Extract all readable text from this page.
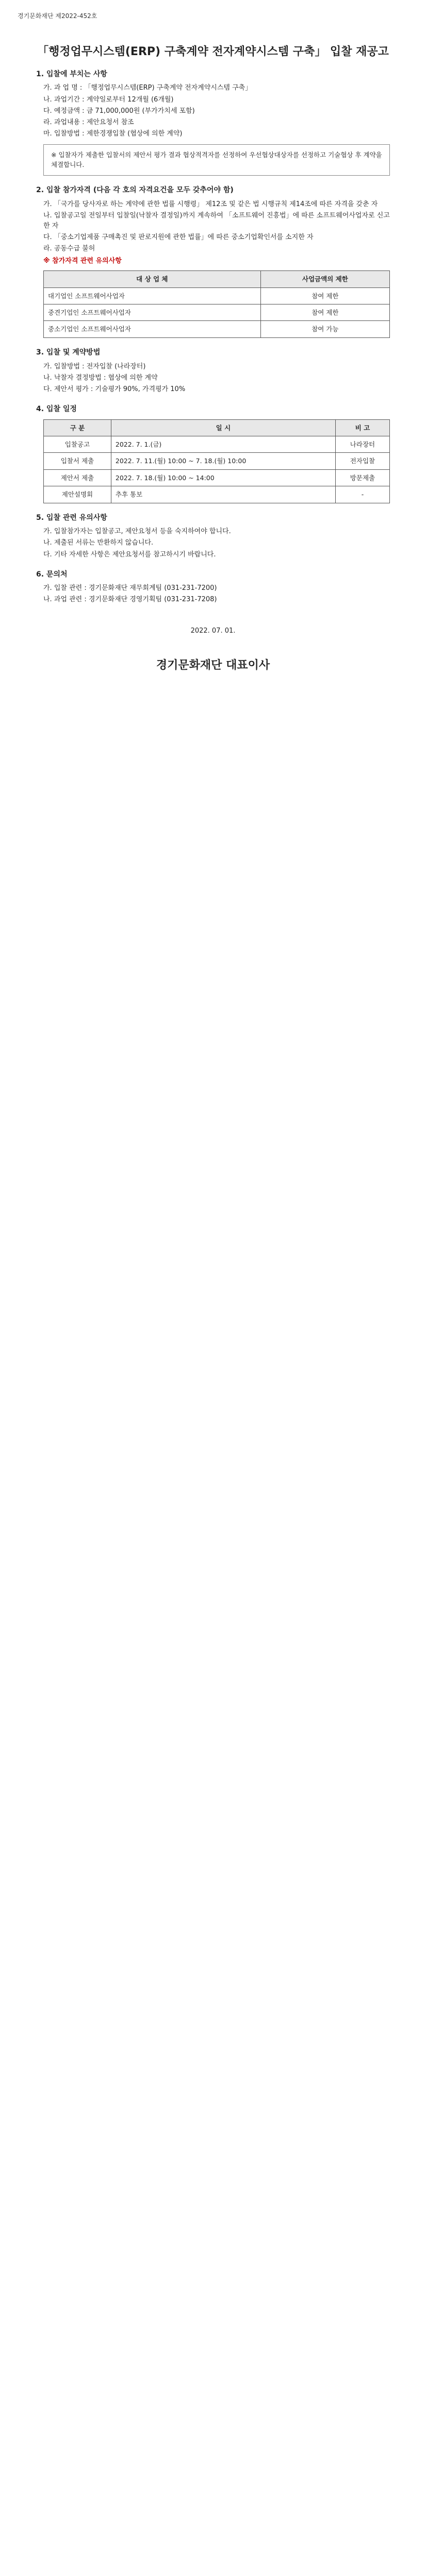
경기문화재단 제2022-452호
「행정업무시스템(ERP) 구축계약 전자계약시스템 구축」 입찰 재공고
1. 입찰에 부치는 사항
가. 과 업 명 : 「행정업무시스템(ERP) 구축계약 전자계약시스템 구축」
나. 과업기간 : 계약일로부터 12개월 (6개월)
다. 예정금액 : 금 71,000,000원 (부가가치세 포함)
라. 과업내용 : 제안요청서 참조
마. 입찰방법 : 제한경쟁입찰 (협상에 의한 계약)
※ 입찰자가 제출한 입찰서의 제안서 평가 결과 협상적격자를 선정하여 우선협상대상자를 선정하고 기술협상 후 계약을 체결합니다.
2. 입찰 참가자격 (다음 각 호의 자격요건을 모두 갖추어야 함)
가. 「국가를 당사자로 하는 계약에 관한 법률 시행령」 제12조 및 같은 법 시행규칙 제14조에 따른 자격을 갖춘 자
나. 입찰공고일 전일부터 입찰일(낙찰자 결정일)까지 계속하여 「소프트웨어 진흥법」에 따른 소프트웨어사업자로 신고한 자
다. 「중소기업제품 구매촉진 및 판로지원에 관한 법률」에 따른 중소기업확인서를 소지한 자
라. 공동수급 불허
※ 참가자격 관련 유의사항
대 상 업 체	사업금액의 제한
대기업인 소프트웨어사업자	참여 제한
중견기업인 소프트웨어사업자	참여 제한
중소기업인 소프트웨어사업자	참여 가능
3. 입찰 및 계약방법
가. 입찰방법 : 전자입찰 (나라장터)
나. 낙찰자 결정방법 : 협상에 의한 계약
다. 제안서 평가 : 기술평가 90%, 가격평가 10%
4. 입찰 일정
구 분	일 시	비 고
입찰공고	2022. 7. 1.(금)	나라장터
입찰서 제출	2022. 7. 11.(월) 10:00 ~ 7. 18.(월) 10:00	전자입찰
제안서 제출	2022. 7. 18.(월) 10:00 ~ 14:00	방문제출
제안설명회	추후 통보	-
5. 입찰 관련 유의사항
가. 입찰참가자는 입찰공고, 제안요청서 등을 숙지하여야 합니다.
나. 제출된 서류는 반환하지 않습니다.
다. 기타 자세한 사항은 제안요청서를 참고하시기 바랍니다.
6. 문의처
가. 입찰 관련 : 경기문화재단 재무회계팀 (031-231-7200)
나. 과업 관련 : 경기문화재단 경영기획팀 (031-231-7208)
2022. 07. 01.
경기문화재단 대표이사
